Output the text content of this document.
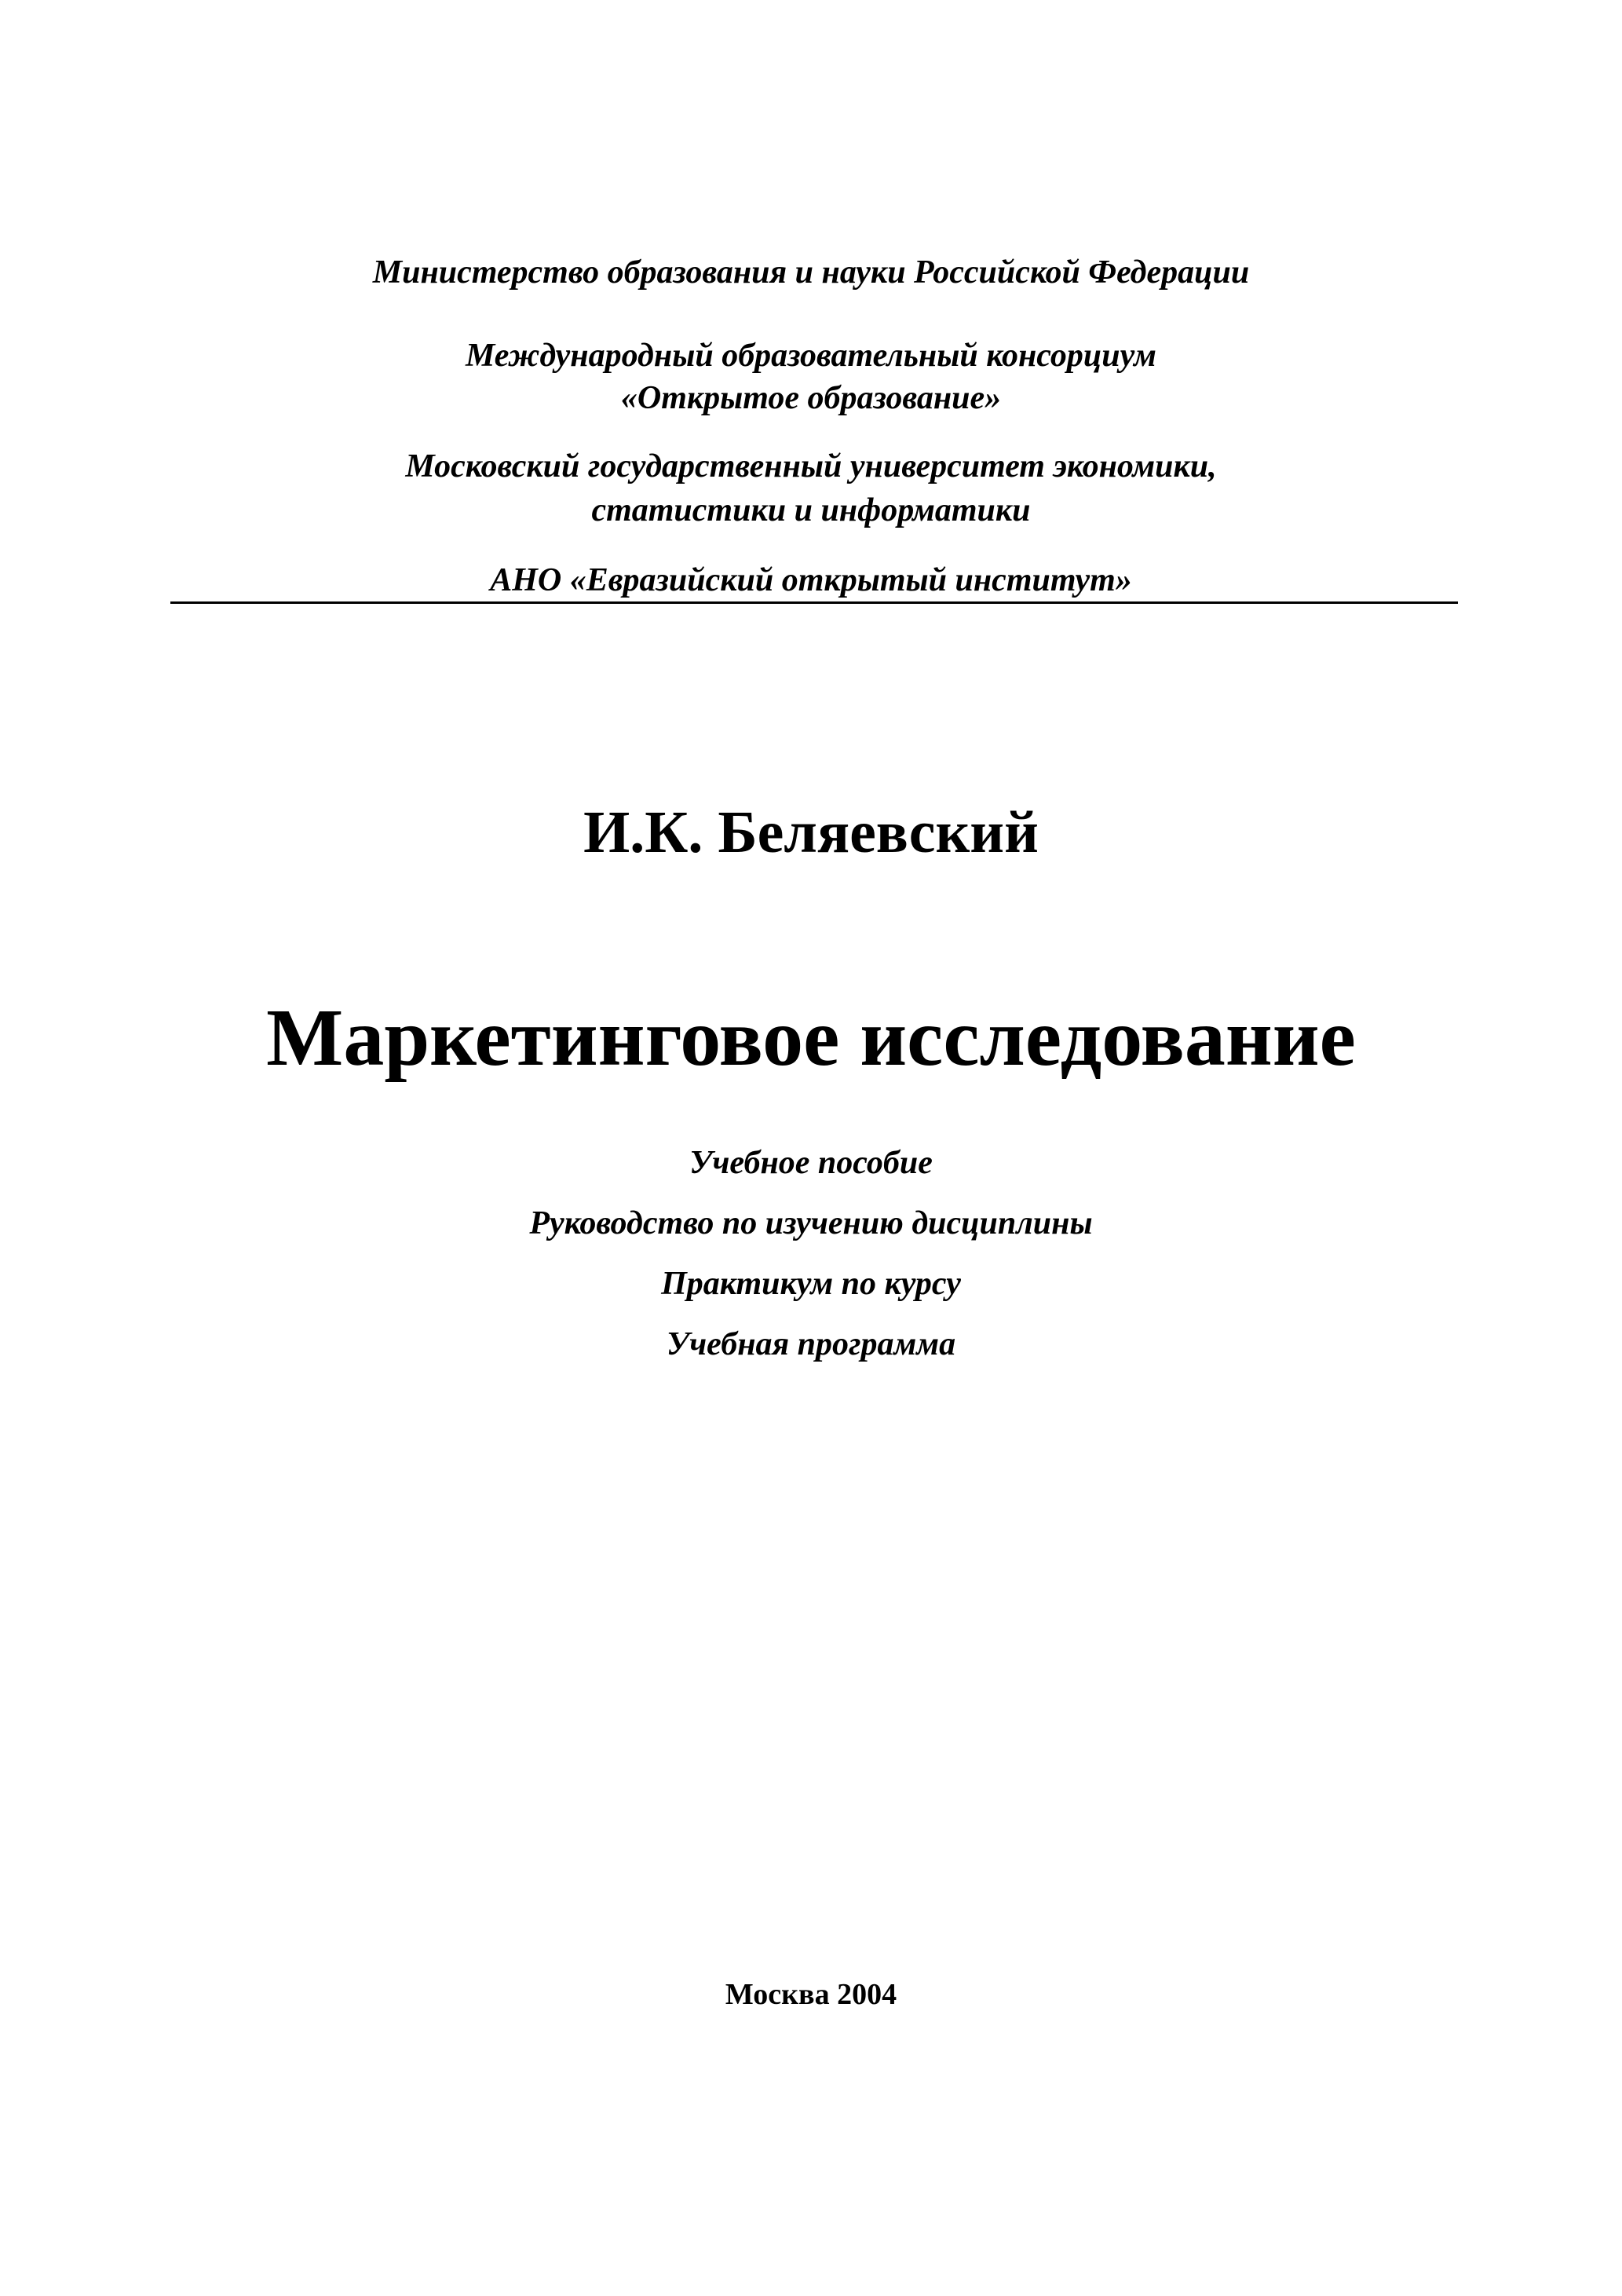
Министерство образования и науки Российской Федерации
Международный образовательный консорциум
«Открытое образование»
Московский государственный университет экономики,
статистики и информатики
АНО «Евразийский открытый институт»
И.К. Беляевский
Маркетинговое исследование
Учебное пособие
Руководство по изучению дисциплины
Практикум по курсу
Учебная программа
Москва 2004
